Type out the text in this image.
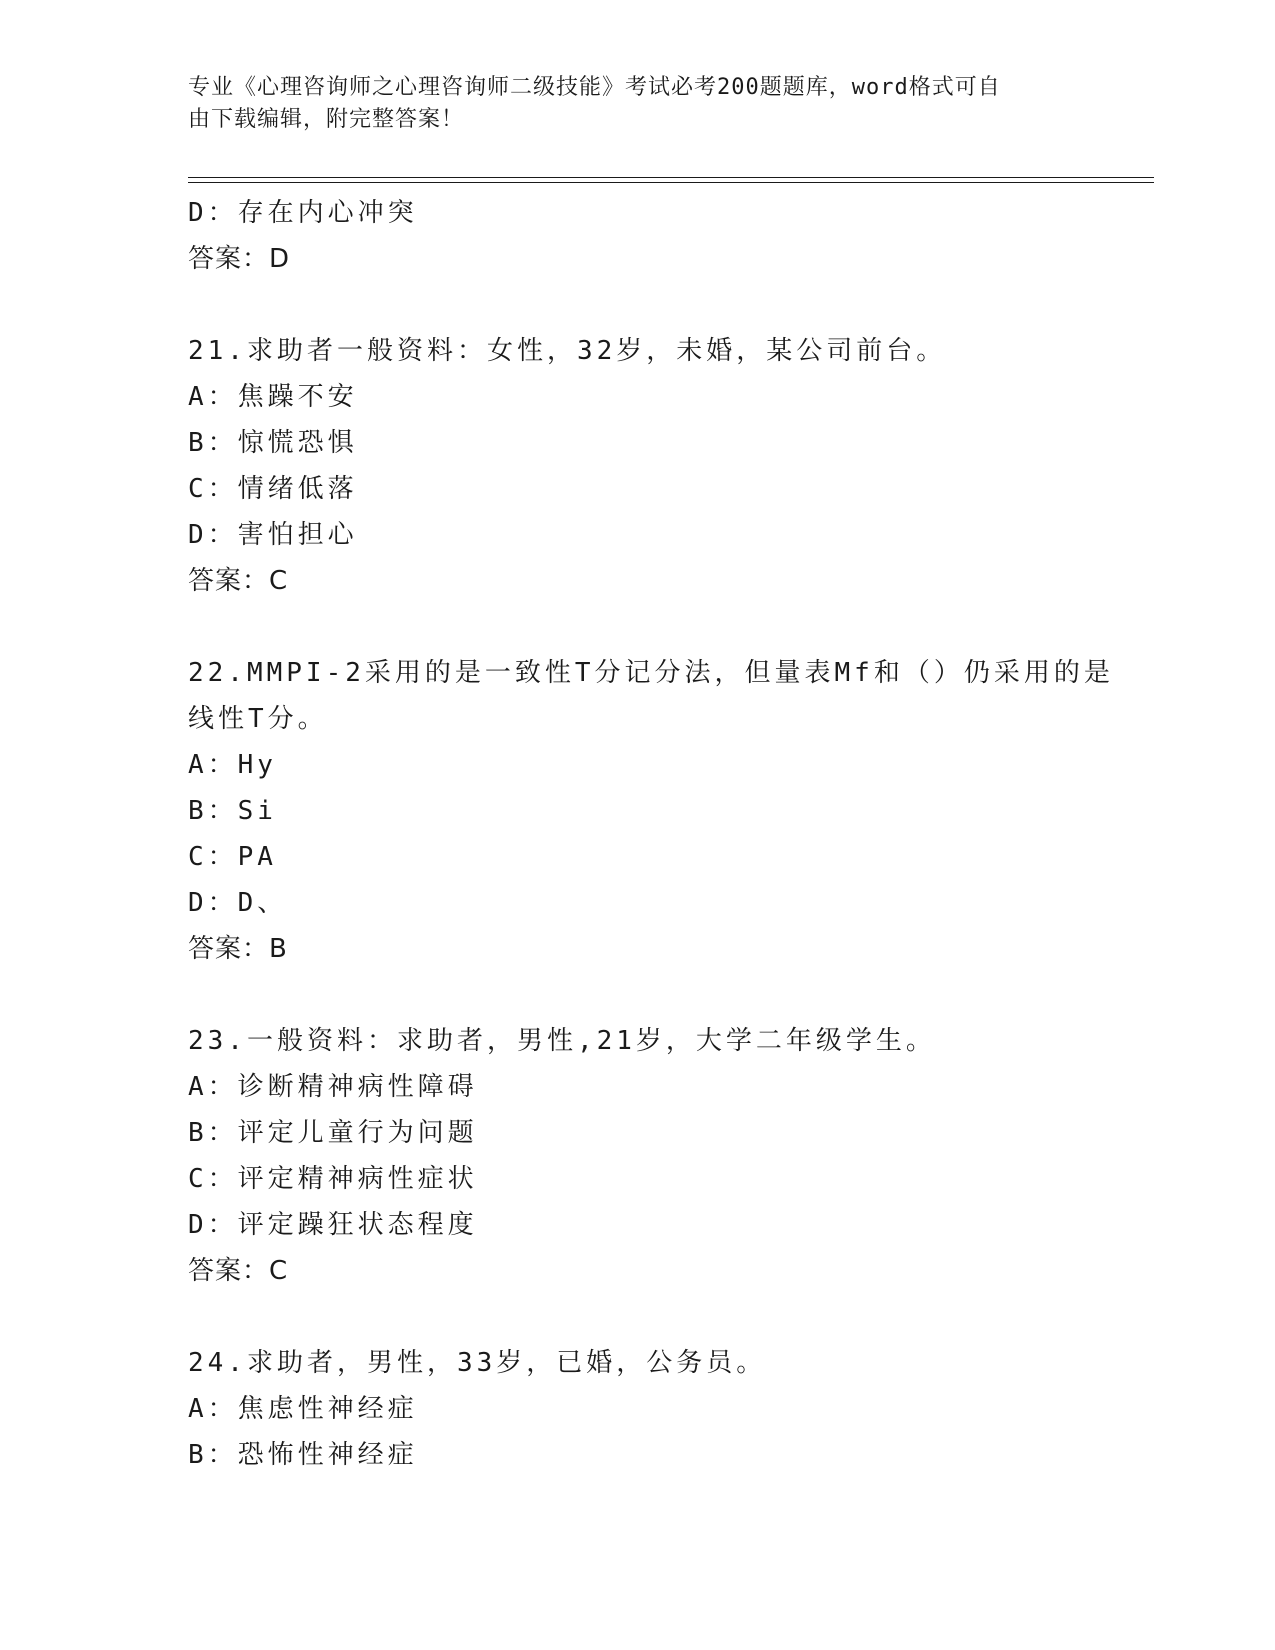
专业《心理咨询师之心理咨询师二级技能》考试必考200题题库，word格式可自
由下载编辑，附完整答案！
D：存在内心冲突
答案：D
21.求助者一般资料：女性，32岁，未婚，某公司前台。
A：焦躁不安
B：惊慌恐惧
C：情绪低落
D：害怕担心
答案：C
22.MMPI-2采用的是一致性T分记分法，但量表Mf和（）仍采用的是
线性T分。
A：Hy
B：Si
C：PA
D：D、
答案：B
23.一般资料：求助者，男性,21岁，大学二年级学生。
A：诊断精神病性障碍
B：评定儿童行为问题
C：评定精神病性症状
D：评定躁狂状态程度
答案：C
24.求助者，男性，33岁，已婚，公务员。
A：焦虑性神经症
B：恐怖性神经症
